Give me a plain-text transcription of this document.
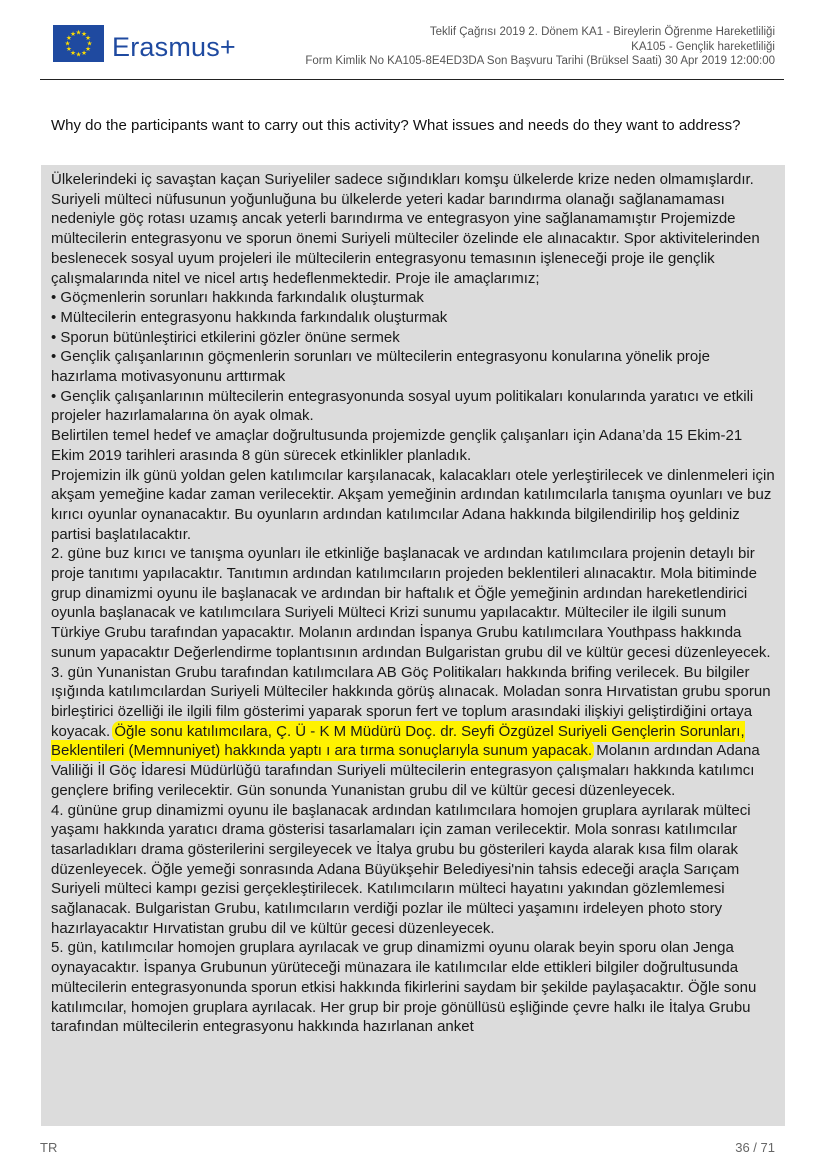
★ ★
★
★
★
★
★
★
★
★
★
★ Erasmus+	Teklif Çağrısı 2019 2. Dönem KA1 - Bireylerin Öğrenme Hareketliliği
KA105 - Gençlik hareketliliği
Form Kimlik No KA105-8E4ED3DA Son Başvuru Tarihi (Brüksel Saati) 30 Apr 2019 12:00:00
Why do the participants want to carry out this activity? What issues and needs do they want to address?

Ülkelerindeki iç savaştan kaçan Suriyeliler sadece sığındıkları komşu ülkelerde krize neden olmamışlardır. Suriyeli mülteci nüfusunun yoğunluğuna bu ülkelerde yeteri kadar barındırma olanağı sağlanamaması nedeniyle göç rotası uzamış ancak yeterli barındırma ve entegrasyon yine sağlanamamıştır Projemizde mültecilerin entegrasyonu ve sporun önemi Suriyeli mülteciler özelinde ele alınacaktır. Spor aktivitelerinden beslenecek sosyal uyum projeleri ile mültecilerin entegrasyonu temasının işleneceği proje ile gençlik çalışmalarında nitel ve nicel artış hedeflenmektedir. Proje ile amaçlarımız;

• Göçmenlerin sorunları hakkında farkındalık oluşturmak

• Mültecilerin entegrasyonu hakkında farkındalık oluşturmak

• Sporun bütünleştirici etkilerini gözler önüne sermek

• Gençlik çalışanlarının göçmenlerin sorunları ve mültecilerin entegrasyonu konularına yönelik proje hazırlama motivasyonunu arttırmak

• Gençlik çalışanlarının mültecilerin entegrasyonunda sosyal uyum politikaları konularında yaratıcı ve etkili projeler hazırlamalarına ön ayak olmak.

Belirtilen temel hedef ve amaçlar doğrultusunda projemizde gençlik çalışanları için Adana’da 15 Ekim-21 Ekim 2019 tarihleri arasında 8 gün sürecek etkinlikler planladık.

Projemizin ilk günü yoldan gelen katılımcılar karşılanacak, kalacakları otele yerleştirilecek ve dinlenmeleri için akşam yemeğine kadar zaman verilecektir. Akşam yemeğinin ardından katılımcılarla tanışma oyunları ve buz kırıcı oyunlar oynanacaktır. Bu oyunların ardından katılımcılar Adana hakkında bilgilendirilip hoş geldiniz partisi başlatılacaktır.

2. güne buz kırıcı ve tanışma oyunları ile etkinliğe başlanacak ve ardından katılımcılara projenin detaylı bir proje tanıtımı yapılacaktır. Tanıtımın ardından katılımcıların projeden beklentileri alınacaktır. Mola bitiminde grup dinamizmi oyunu ile başlanacak ve ardından bir haftalık et Öğle yemeğinin ardından hareketlendirici oyunla başlanacak ve katılımcılara Suriyeli Mülteci Krizi sunumu yapılacaktır. Mülteciler ile ilgili sunum Türkiye Grubu tarafından yapacaktır. Molanın ardından İspanya Grubu katılımcılara Youthpass hakkında sunum yapacaktır Değerlendirme toplantısının ardından Bulgaristan grubu dil ve kültür gecesi düzenleyecek.

3. gün Yunanistan Grubu tarafından katılımcılara AB Göç Politikaları hakkında brifing verilecek. Bu bilgiler ışığında katılımcılardan Suriyeli Mülteciler hakkında görüş alınacak. Moladan sonra Hırvatistan grubu sporun birleştirici özelliği ile ilgili film gösterimi yaparak sporun fert ve toplum arasındaki ilişkiyi geliştirdiğini ortaya koyacak. Öğle sonu katılımcılara, Ç. Ü - K M Müdürü Doç. dr. Seyfi Özgüzel Suriyeli Gençlerin Sorunları, Beklentileri (Memnuniyet) hakkında yaptı ı ara tırma sonuçlarıyla sunum yapacak. Molanın ardından Adana Valiliği İl Göç İdaresi Müdürlüğü tarafından Suriyeli mültecilerin entegrasyon çalışmaları hakkında katılımcı gençlere brifing verilecektir. Gün sonunda Yunanistan grubu dil ve kültür gecesi düzenleyecek.

4. gününe grup dinamizmi oyunu ile başlanacak ardından katılımcılara homojen gruplara ayrılarak mülteci yaşamı hakkında yaratıcı drama gösterisi tasarlamaları için zaman verilecektir. Mola sonrası katılımcılar tasarladıkları drama gösterilerini sergileyecek ve İtalya grubu bu gösterileri kayda alarak kısa film olarak düzenleyecek. Öğle yemeği sonrasında Adana Büyükşehir Belediyesi'nin tahsis edeceği araçla Sarıçam Suriyeli mülteci kampı gezisi gerçekleştirilecek. Katılımcıların mülteci hayatını yakından gözlemlemesi sağlanacak. Bulgaristan Grubu, katılımcıların verdiği pozlar ile mülteci yaşamını irdeleyen photo story hazırlayacaktır Hırvatistan grubu dil ve kültür gecesi düzenleyecek.

5. gün, katılımcılar homojen gruplara ayrılacak ve grup dinamizmi oyunu olarak beyin sporu olan Jenga oynayacaktır. İspanya Grubunun yürüteceği münazara ile katılımcılar elde ettikleri bilgiler doğrultusunda mültecilerin entegrasyonunda sporun etkisi hakkında fikirlerini saydam bir şekilde paylaşacaktır. Öğle sonu katılımcılar, homojen gruplara ayrılacak. Her grup bir proje gönüllüsü eşliğinde çevre halkı ile İtalya Grubu tarafından mültecilerin entegrasyonu hakkında hazırlanan anket

TR	36 / 71
